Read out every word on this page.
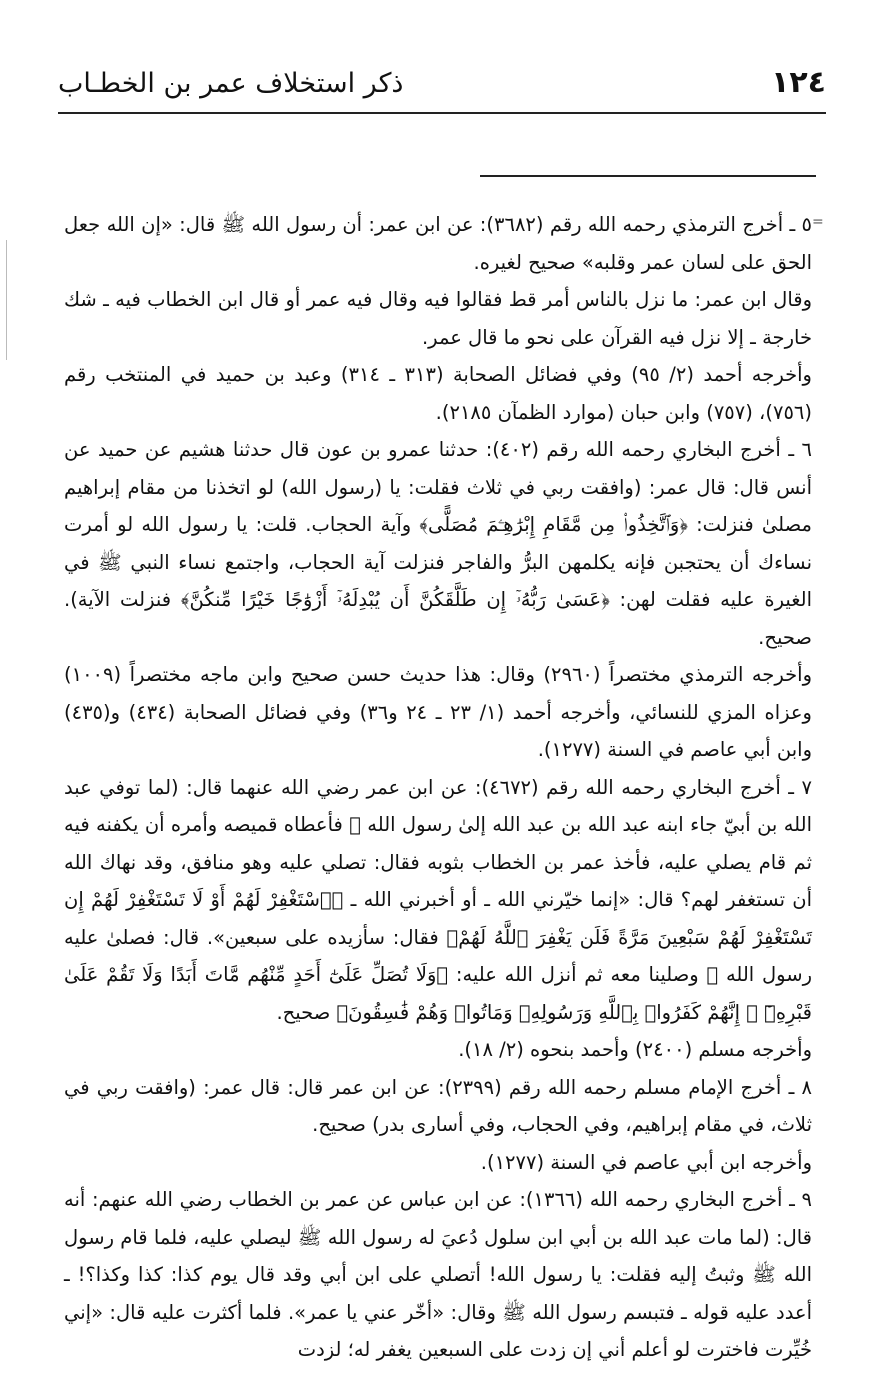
١٢٤
ذكر استخلاف عمر بن الخطـاب
=

٥ ـ أخرج الترمذي رحمه الله رقم (٣٦٨٢): عن ابن عمر: أن رسول الله ﷺ قال: «إن الله جعل الحق على لسان عمر وقلبه» صحيح لغيره.

وقال ابن عمر: ما نزل بالناس أمر قط فقالوا فيه وقال فيه عمر أو قال ابن الخطاب فيه ـ شك خارجة ـ إلا نزل فيه القرآن على نحو ما قال عمر.

وأخرجه أحمد (٢/ ٩٥) وفي فضائل الصحابة (٣١٣ ـ ٣١٤) وعبد بن حميد في المنتخب رقم (٧٥٦)، (٧٥٧) وابن حبان (موارد الظمآن ٢١٨٥).

٦ ـ أخرج البخاري رحمه الله رقم (٤٠٢): حدثنا عمرو بن عون قال حدثنا هشيم عن حميد عن أنس قال: قال عمر: (وافقت ربي في ثلاث فقلت: يا (رسول الله) لو اتخذنا من مقام إبراهيم مصلىٰ فنزلت: ﴿وَٱتَّخِذُوا۟ مِن مَّقَامِ إِبْرَٰهِـۧمَ مُصَلًّى﴾ وآية الحجاب. قلت: يا رسول الله لو أمرت نساءك أن يحتجبن فإنه يكلمهن البرُّ والفاجر فنزلت آية الحجاب، واجتمع نساء النبي ﷺ في الغيرة عليه فقلت لهن: ﴿عَسَىٰ رَبُّهُۥٓ إِن طَلَّقَكُنَّ أَن يُبْدِلَهُۥٓ أَزْوَٰجًا خَيْرًا مِّنكُنَّ﴾ فنزلت الآية). صحيح.

وأخرجه الترمذي مختصراً (٢٩٦٠) وقال: هذا حديث حسن صحيح وابن ماجه مختصراً (١٠٠٩) وعزاه المزي للنسائي، وأخرجه أحمد (١/ ٢٣ ـ ٢٤ و٣٦) وفي فضائل الصحابة (٤٣٤) و(٤٣٥) وابن أبي عاصم في السنة (١٢٧٧).

٧ ـ أخرج البخاري رحمه الله رقم (٤٦٧٢): عن ابن عمر رضي الله عنهما قال: (لما توفي عبد الله بن أبيّ جاء ابنه عبد الله بن عبد الله إلىٰ رسول الله ﷺ فأعطاه قميصه وأمره أن يكفنه فيه ثم قام يصلي عليه، فأخذ عمر بن الخطاب بثوبه فقال: تصلي عليه وهو منافق، وقد نهاك الله أن تستغفر لهم؟ قال: «إنما خيّرني الله ـ أو أخبرني الله ـ ﴿ٱسْتَغْفِرْ لَهُمْ أَوْ لَا تَسْتَغْفِرْ لَهُمْ إِن تَسْتَغْفِرْ لَهُمْ سَبْعِينَ مَرَّةً فَلَن يَغْفِرَ ٱللَّهُ لَهُمْ﴾ فقال: سأزيده على سبعين». قال: فصلىٰ عليه رسول الله ﷺ وصلينا معه ثم أنزل الله عليه: ﴿وَلَا تُصَلِّ عَلَىٰٓ أَحَدٍ مِّنْهُم مَّاتَ أَبَدًا وَلَا تَقُمْ عَلَىٰ قَبْرِهِۦٓ ۖ إِنَّهُمْ كَفَرُوا۟ بِٱللَّهِ وَرَسُولِهِۦ وَمَاتُوا۟ وَهُمْ فَٰسِقُونَ﴾ صحيح.

وأخرجه مسلم (٢٤٠٠) وأحمد بنحوه (٢/ ١٨).

٨ ـ أخرج الإمام مسلم رحمه الله رقم (٢٣٩٩): عن ابن عمر قال: قال عمر: (وافقت ربي في ثلاث، في مقام إبراهيم، وفي الحجاب، وفي أسارى بدر) صحيح.

وأخرجه ابن أبي عاصم في السنة (١٢٧٧).

٩ ـ أخرج البخاري رحمه الله (١٣٦٦): عن ابن عباس عن عمر بن الخطاب رضي الله عنهم: أنه قال: (لما مات عبد الله بن أبي ابن سلول دُعيَ له رسول الله ﷺ ليصلي عليه، فلما قام رسول الله ﷺ وثبتُ إليه فقلت: يا رسول الله! أتصلي على ابن أبي وقد قال يوم كذا: كذا وكذا؟! ـ أعدد عليه قوله ـ فتبسم رسول الله ﷺ وقال: «أخّر عني يا عمر». فلما أكثرت عليه قال: «إني خُيِّرت فاخترت لو أعلم أني إن زدت على السبعين يغفر له؛ لزدت
